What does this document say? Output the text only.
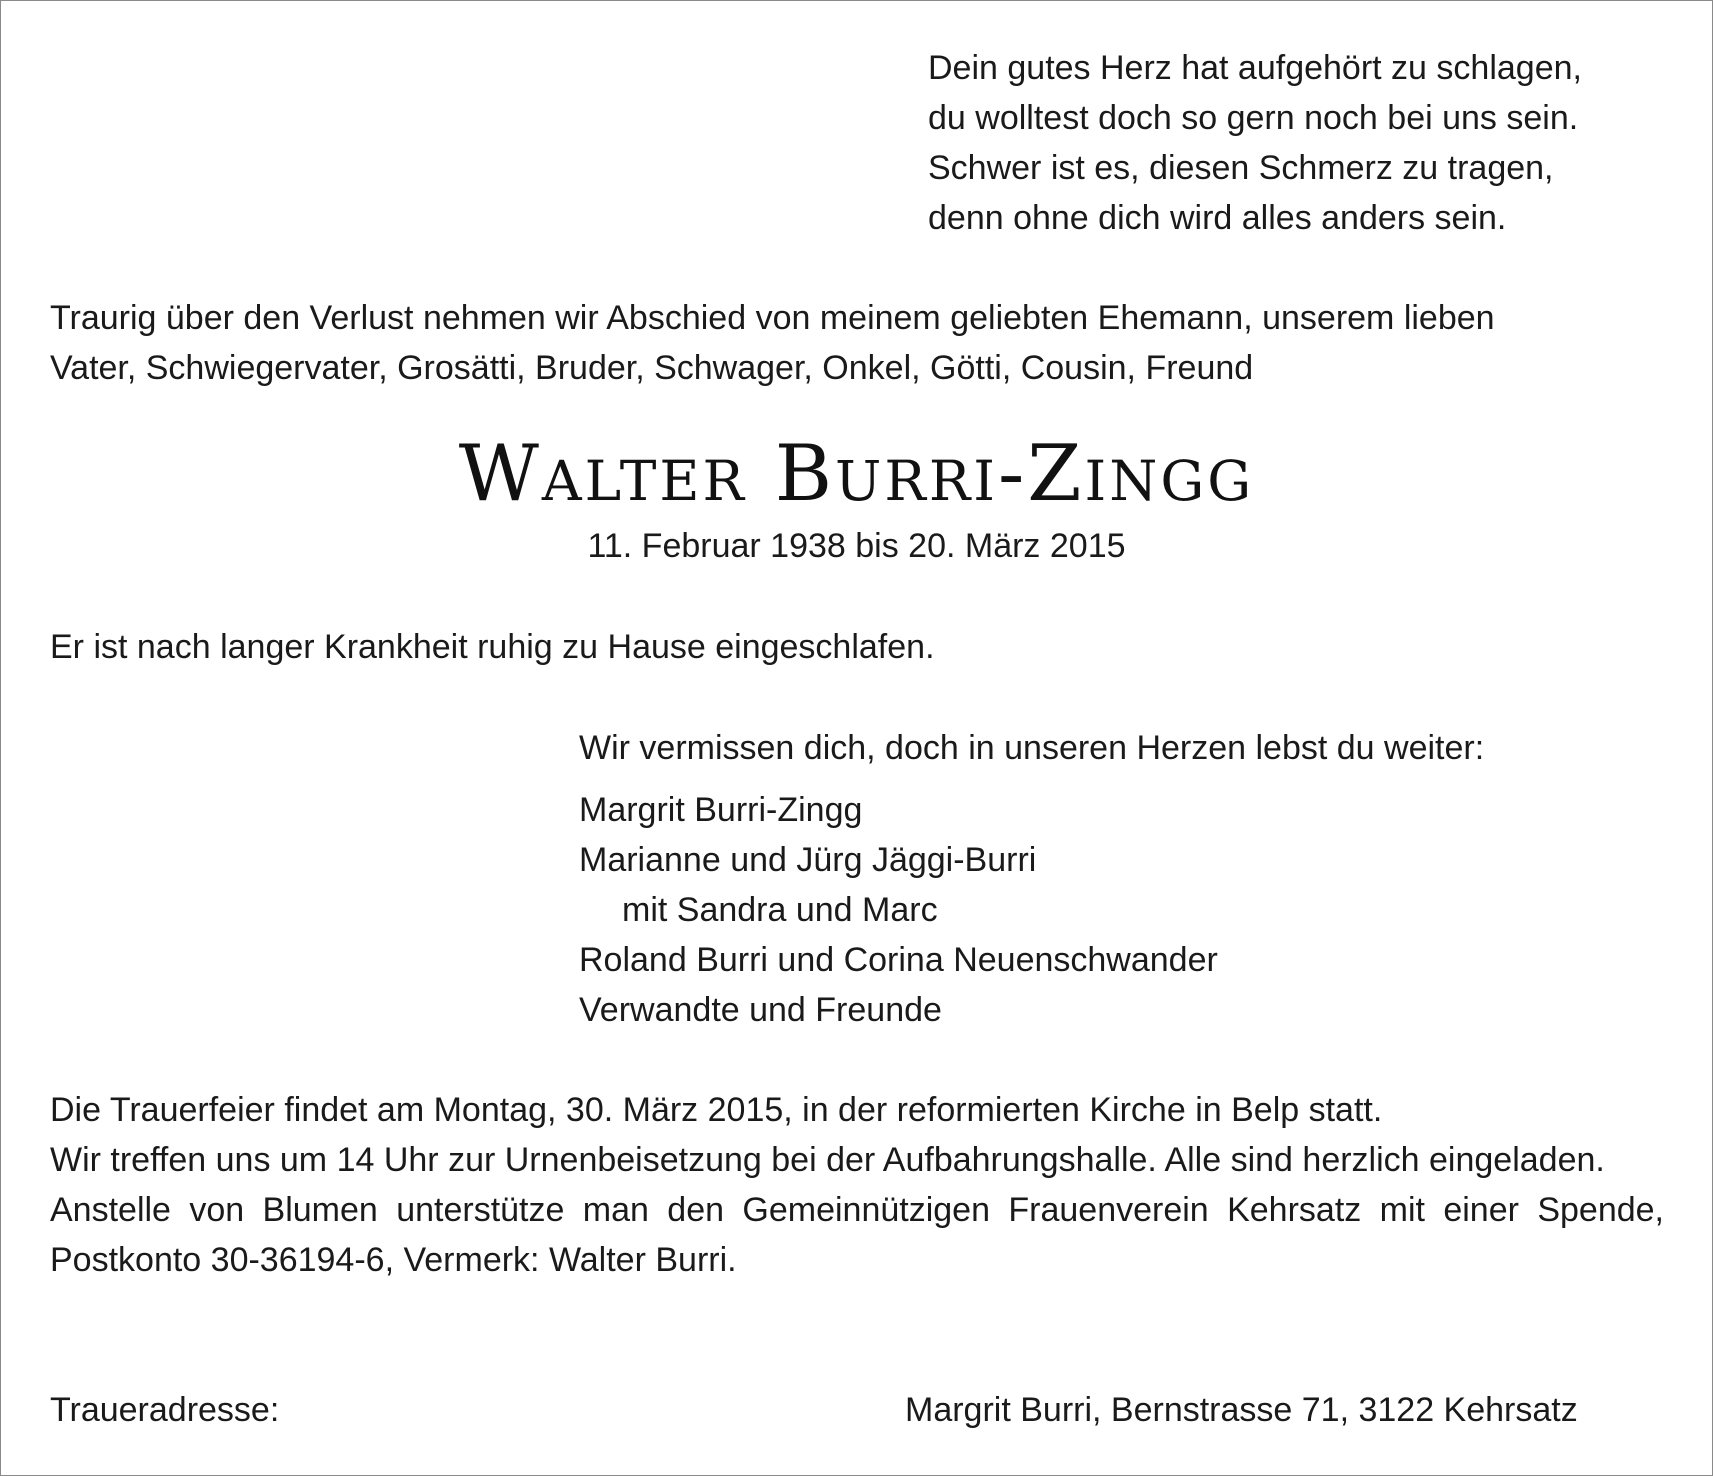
Dein gutes Herz hat aufgehört zu schlagen,
du wolltest doch so gern noch bei uns sein.
Schwer ist es, diesen Schmerz zu tragen,
denn ohne dich wird alles anders sein.
Traurig über den Verlust nehmen wir Abschied von meinem geliebten Ehemann, unserem lieben
Vater, Schwiegervater, Grosätti, Bruder, Schwager, Onkel, Götti, Cousin, Freund
Walter Burri-Zingg
11. Februar 1938 bis 20. März 2015
Er ist nach langer Krankheit ruhig zu Hause eingeschlafen.
Wir vermissen dich, doch in unseren Herzen lebst du weiter:
Margrit Burri-Zingg
Marianne und Jürg Jäggi-Burri
mit Sandra und Marc
Roland Burri und Corina Neuenschwander
Verwandte und Freunde
Die Trauerfeier findet am Montag, 30. März 2015, in der reformierten Kirche in Belp statt.

Wir treffen uns um 14 Uhr zur Urnenbeisetzung bei der Aufbahrungshalle. Alle sind herzlich eingeladen.

Anstelle von Blumen unterstütze man den Gemeinnützigen Frauenverein Kehrsatz mit einer Spende, Postkonto 30-36194-6, Vermerk: Walter Burri.

Traueradresse:	Margrit Burri, Bernstrasse 71, 3122 Kehrsatz
